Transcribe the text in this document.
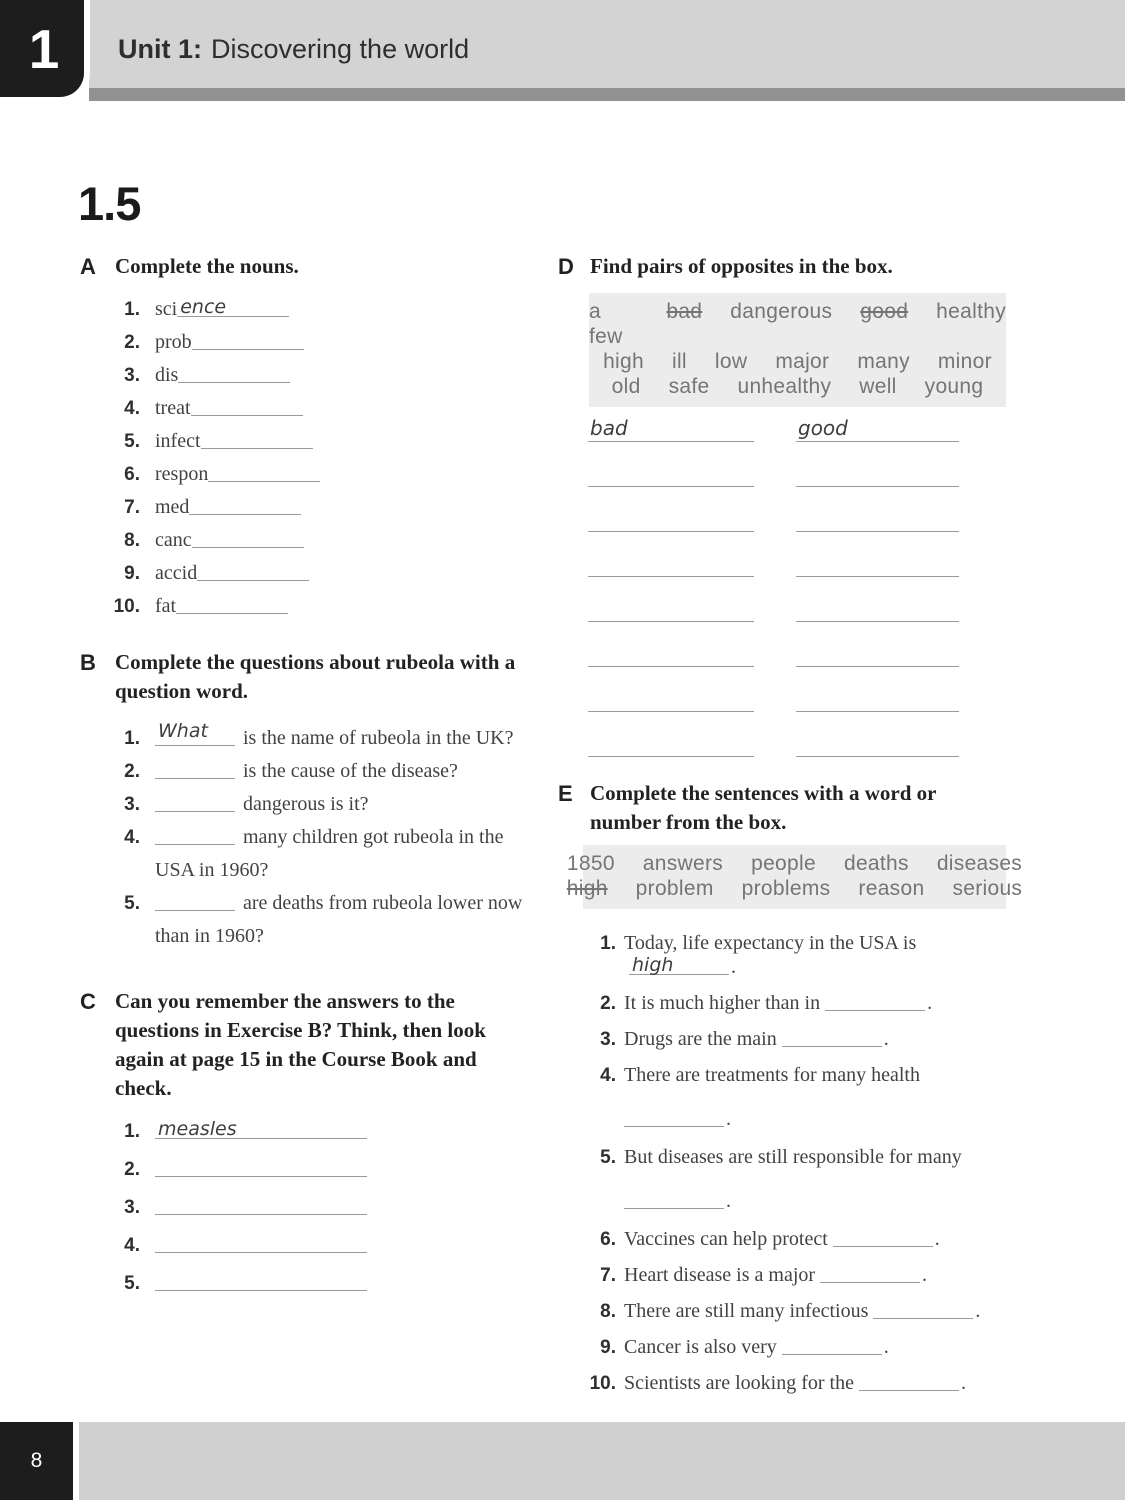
Unit 1: Discovering the world
1
1.5
A Complete the nouns.
1. sci ence
2. prob
3. dis
4. treat
5. infect
6. respon
7. med
8. canc
9. accid
10. fat
B Complete the questions about rubeola with a question word.
1. What is the name of rubeola in the UK?
2.	is the cause of the disease?
3.	dangerous is it?
4.	many children got rubeola in the USA in 1960?
5.	are deaths from rubeola lower now than in 1960?
C Can you remember the answers to the questions in Exercise B? Think, then look again at page 15 in the Course Book and check.
1. measles
2.
3.
4.
5.
D Find pairs of opposites in the box.
a few
bad dangerous good healthy
high ill low major many minor
old safe unhealthy well young
bad	good
E Complete the sentences with a word or number from the box.
1850 answers people deaths diseases
high problem problems reason serious
1. Today, life expectancy in the USA is
high	.
2. It is much higher than in	.
3. Drugs are the main	.
4. There are treatments for many health
.
5. But diseases are still responsible for many
.
6. Vaccines can help protect	.
7. Heart disease is a major	.
8. There are still many infectious	.
9. Cancer is also very	.
10. Scientists are looking for the	.
8
